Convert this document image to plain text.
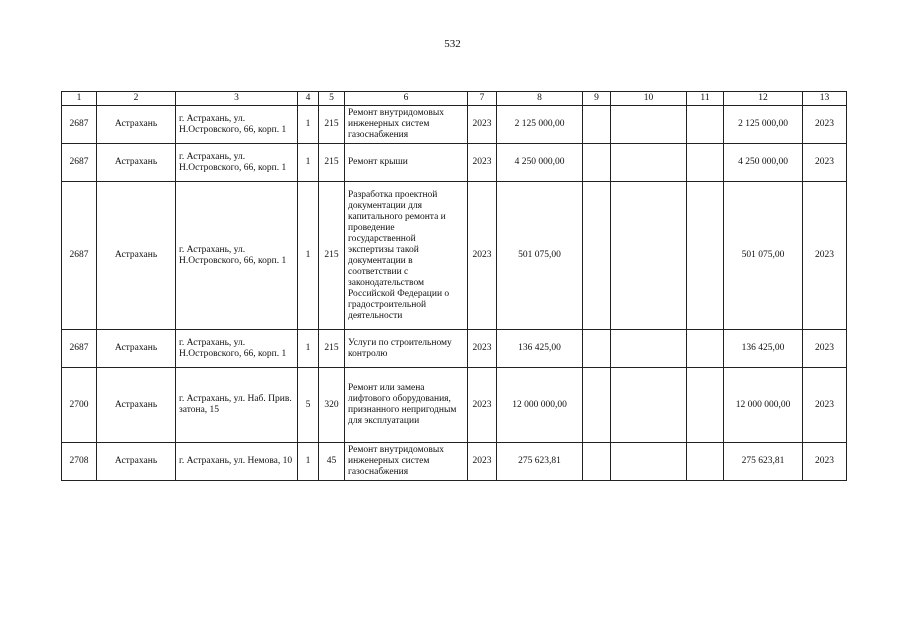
532
1	2	3	4	5	6	7	8	9	10	11	12	13
2687	Астрахань	г. Астрахань, ул. Н.Островского, 66, корп. 1	1	215	Ремонт внутридомовых инженерных систем газоснабжения	2023	2 125 000,00				2 125 000,00	2023
2687	Астрахань	г. Астрахань, ул. Н.Островского, 66, корп. 1	1	215	Ремонт крыши	2023	4 250 000,00				4 250 000,00	2023
2687	Астрахань	г. Астрахань, ул. Н.Островского, 66, корп. 1	1	215	Разработка проектной документации для капитального ремонта и проведение государственной экспертизы такой документации в соответствии с законодательством Российской Федерации о градостроительной деятельности	2023	501 075,00				501 075,00	2023
2687	Астрахань	г. Астрахань, ул. Н.Островского, 66, корп. 1	1	215	Услуги по строительному контролю	2023	136 425,00				136 425,00	2023
2700	Астрахань	г. Астрахань, ул. Наб. Прив. затона, 15	5	320	Ремонт или замена лифтового оборудования, признанного непригодным для эксплуатации	2023	12 000 000,00				12 000 000,00	2023
2708	Астрахань	г. Астрахань, ул. Немова, 10	1	45	Ремонт внутридомовых инженерных систем газоснабжения	2023	275 623,81				275 623,81	2023
